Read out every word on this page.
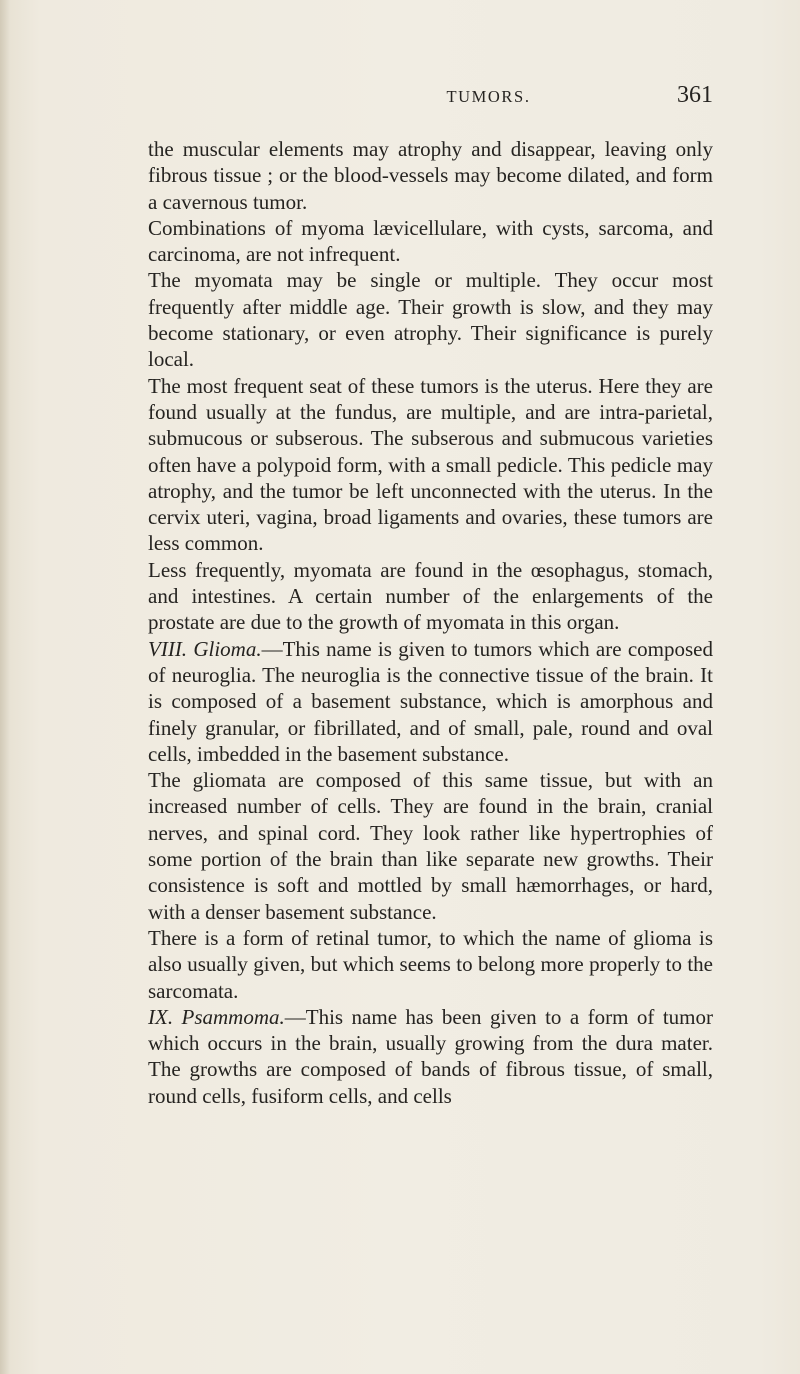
TUMORS.	361

the muscular elements may atrophy and disappear, leaving only fibrous tissue ; or the blood-vessels may become dilated, and form a cavernous tumor.

Combinations of myoma lævicellulare, with cysts, sarcoma, and carcinoma, are not infrequent.

The myomata may be single or multiple. They occur most frequently after middle age. Their growth is slow, and they may become stationary, or even atrophy. Their significance is purely local.

The most frequent seat of these tumors is the uterus. Here they are found usually at the fundus, are multiple, and are intra-parietal, submucous or subserous. The subserous and submucous varieties often have a polypoid form, with a small pedicle. This pedicle may atrophy, and the tumor be left unconnected with the uterus. In the cervix uteri, vagina, broad ligaments and ovaries, these tumors are less common.

Less frequently, myomata are found in the œsophagus, stomach, and intestines. A certain number of the enlargements of the prostate are due to the growth of myomata in this organ.

VIII. Glioma.—This name is given to tumors which are composed of neuroglia. The neuroglia is the connective tissue of the brain. It is composed of a basement substance, which is amorphous and finely granular, or fibrillated, and of small, pale, round and oval cells, imbedded in the basement substance.

The gliomata are composed of this same tissue, but with an increased number of cells. They are found in the brain, cranial nerves, and spinal cord. They look rather like hypertrophies of some portion of the brain than like separate new growths. Their consistence is soft and mottled by small hæmorrhages, or hard, with a denser basement substance.

There is a form of retinal tumor, to which the name of glioma is also usually given, but which seems to belong more properly to the sarcomata.

IX. Psammoma.—This name has been given to a form of tumor which occurs in the brain, usually growing from the dura mater. The growths are composed of bands of fibrous tissue, of small, round cells, fusiform cells, and cells
